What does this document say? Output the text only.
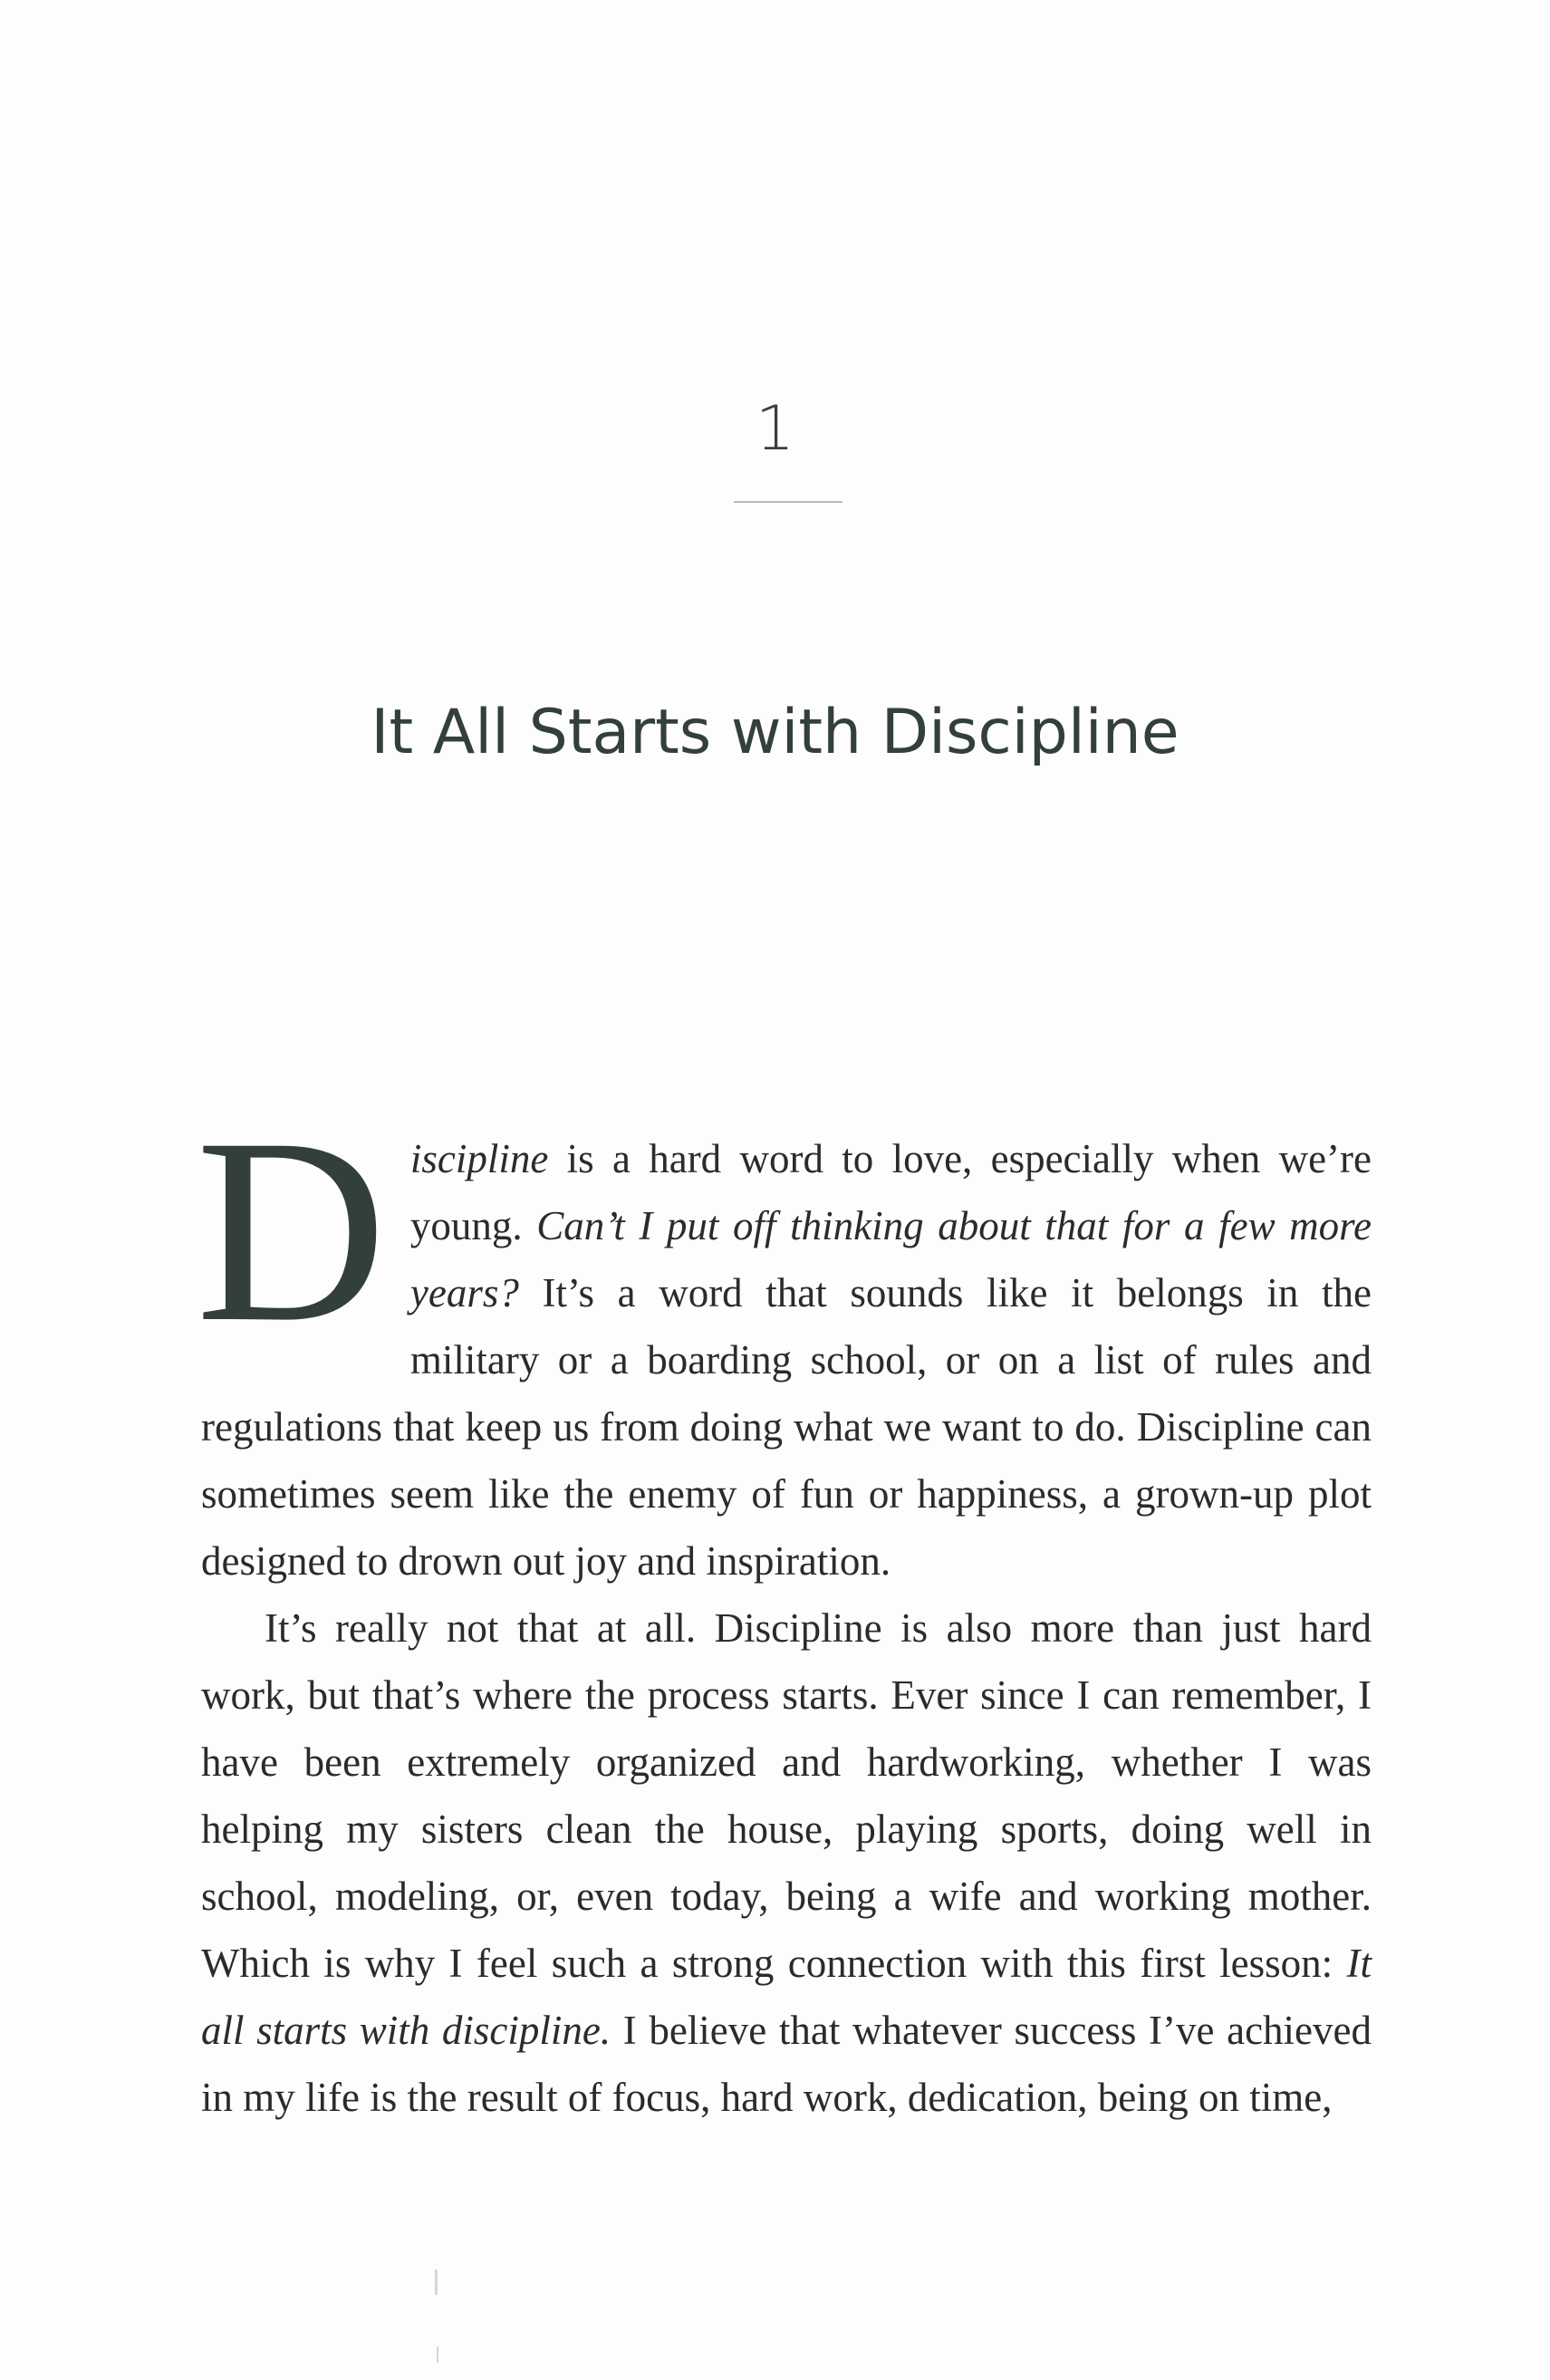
1
It All Starts with Discipline

Discipline is a hard word to love, especially when we’re young. Can’t I put off thinking about that for a few more years? It’s a word that sounds like it belongs in the military or a boarding school, or on a list of rules and regulations that keep us from doing what we want to do. Discipline can sometimes seem like the enemy of fun or happiness, a grown-up plot designed to drown out joy and inspiration.

It’s really not that at all. Discipline is also more than just hard work, but that’s where the process starts. Ever since I can remember, I have been extremely organized and hardworking, whether I was helping my sisters clean the house, playing sports, doing well in school, modeling, or, even today, being a wife and working mother. Which is why I feel such a strong connection with this first lesson: It all starts with discipline. I believe that whatever success I’ve achieved in my life is the result of focus, hard work, dedication, being on time,
